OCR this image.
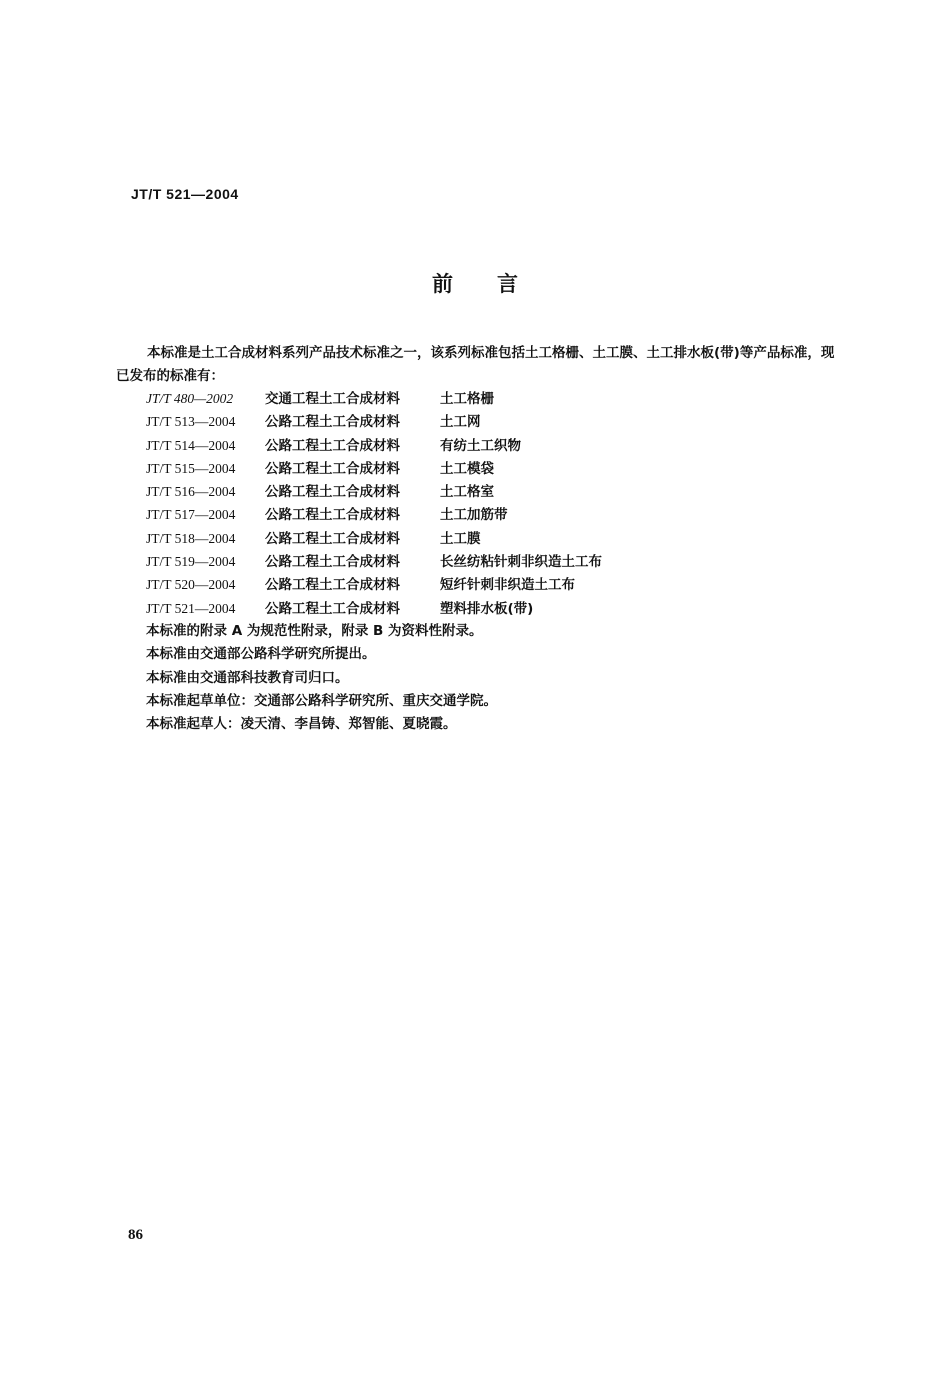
JT/T 521—2004
前言

本标准是土工合成材料系列产品技术标准之一，该系列标准包括土工格栅、土工膜、土工排水板(带)等产品标准，现已发布的标准有：

JT/T 480—2002 交通工程土工合成材料	土工格栅
JT/T 513—2004 公路工程土工合成材料	土工网
JT/T 514—2004 公路工程土工合成材料	有纺土工织物
JT/T 515—2004 公路工程土工合成材料	土工模袋
JT/T 516—2004 公路工程土工合成材料	土工格室
JT/T 517—2004 公路工程土工合成材料	土工加筋带
JT/T 518—2004 公路工程土工合成材料	土工膜
JT/T 519—2004 公路工程土工合成材料	长丝纺粘针刺非织造土工布
JT/T 520—2004 公路工程土工合成材料	短纤针刺非织造土工布
JT/T 521—2004 公路工程土工合成材料	塑料排水板(带)
本标准的附录 A 为规范性附录，附录 B 为资料性附录。
本标准由交通部公路科学研究所提出。
本标准由交通部科技教育司归口。
本标准起草单位：交通部公路科学研究所、重庆交通学院。
本标准起草人：凌天清、李昌铸、郑智能、夏晓霞。
86
